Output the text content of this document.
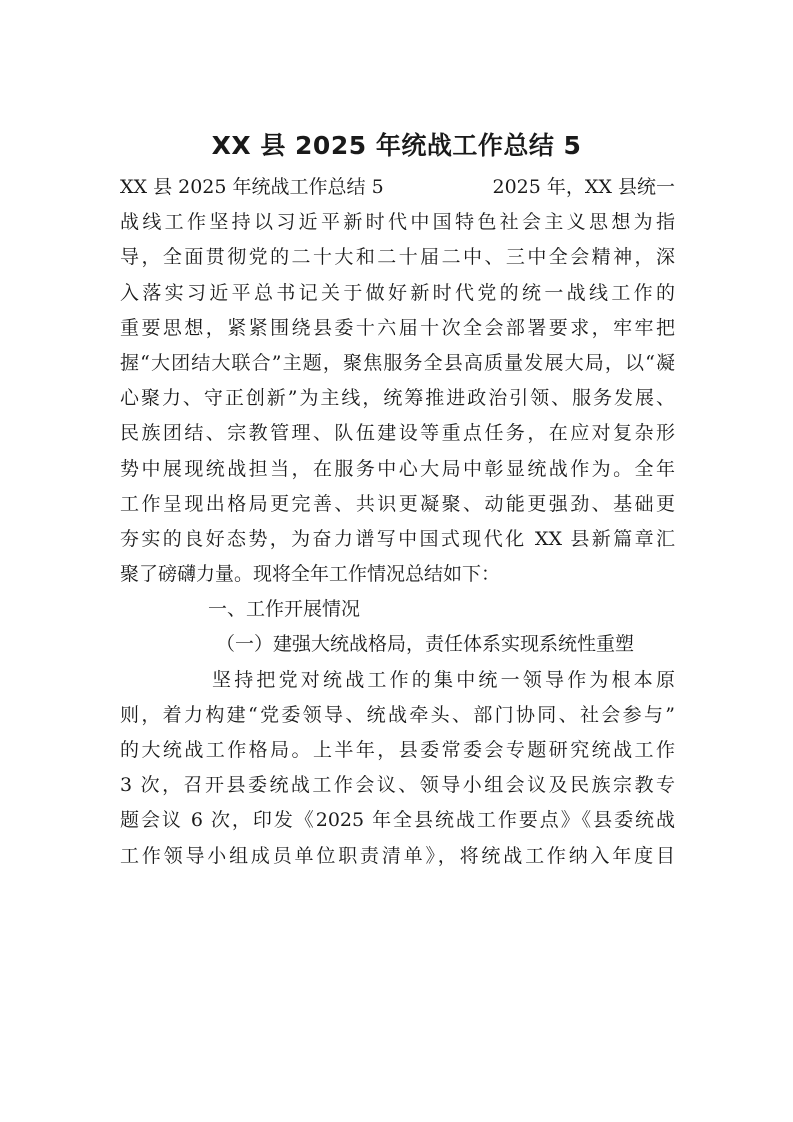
XX 县 2025 年统战工作总结 5
XX 县 2025 年统战工作总结 5	2025 年，XX 县统一
战线工作坚持以习近平新时代中国特色社会主义思想为指
导，全面贯彻党的二十大和二十届二中、三中全会精神，深
入落实习近平总书记关于做好新时代党的统一战线工作的
重要思想，紧紧围绕县委十六届十次全会部署要求，牢牢把
握“大团结大联合”主题，聚焦服务全县高质量发展大局，以“凝
心聚力、守正创新”为主线，统筹推进政治引领、服务发展、
民族团结、宗教管理、队伍建设等重点任务，在应对复杂形
势中展现统战担当，在服务中心大局中彰显统战作为。全年
工作呈现出格局更完善、共识更凝聚、动能更强劲、基础更
夯实的良好态势，为奋力谱写中国式现代化 XX 县新篇章汇
聚了磅礴力量。现将全年工作情况总结如下：
一、工作开展情况
（一）建强大统战格局，责任体系实现系统性重塑
坚持把党对统战工作的集中统一领导作为根本原
则，着力构建“党委领导、统战牵头、部门协同、社会参与”
的大统战工作格局。上半年，县委常委会专题研究统战工作
3 次，召开县委统战工作会议、领导小组会议及民族宗教专
题会议 6 次，印发《2025 年全县统战工作要点》《县委统战
工作领导小组成员单位职责清单》，将统战工作纳入年度目
